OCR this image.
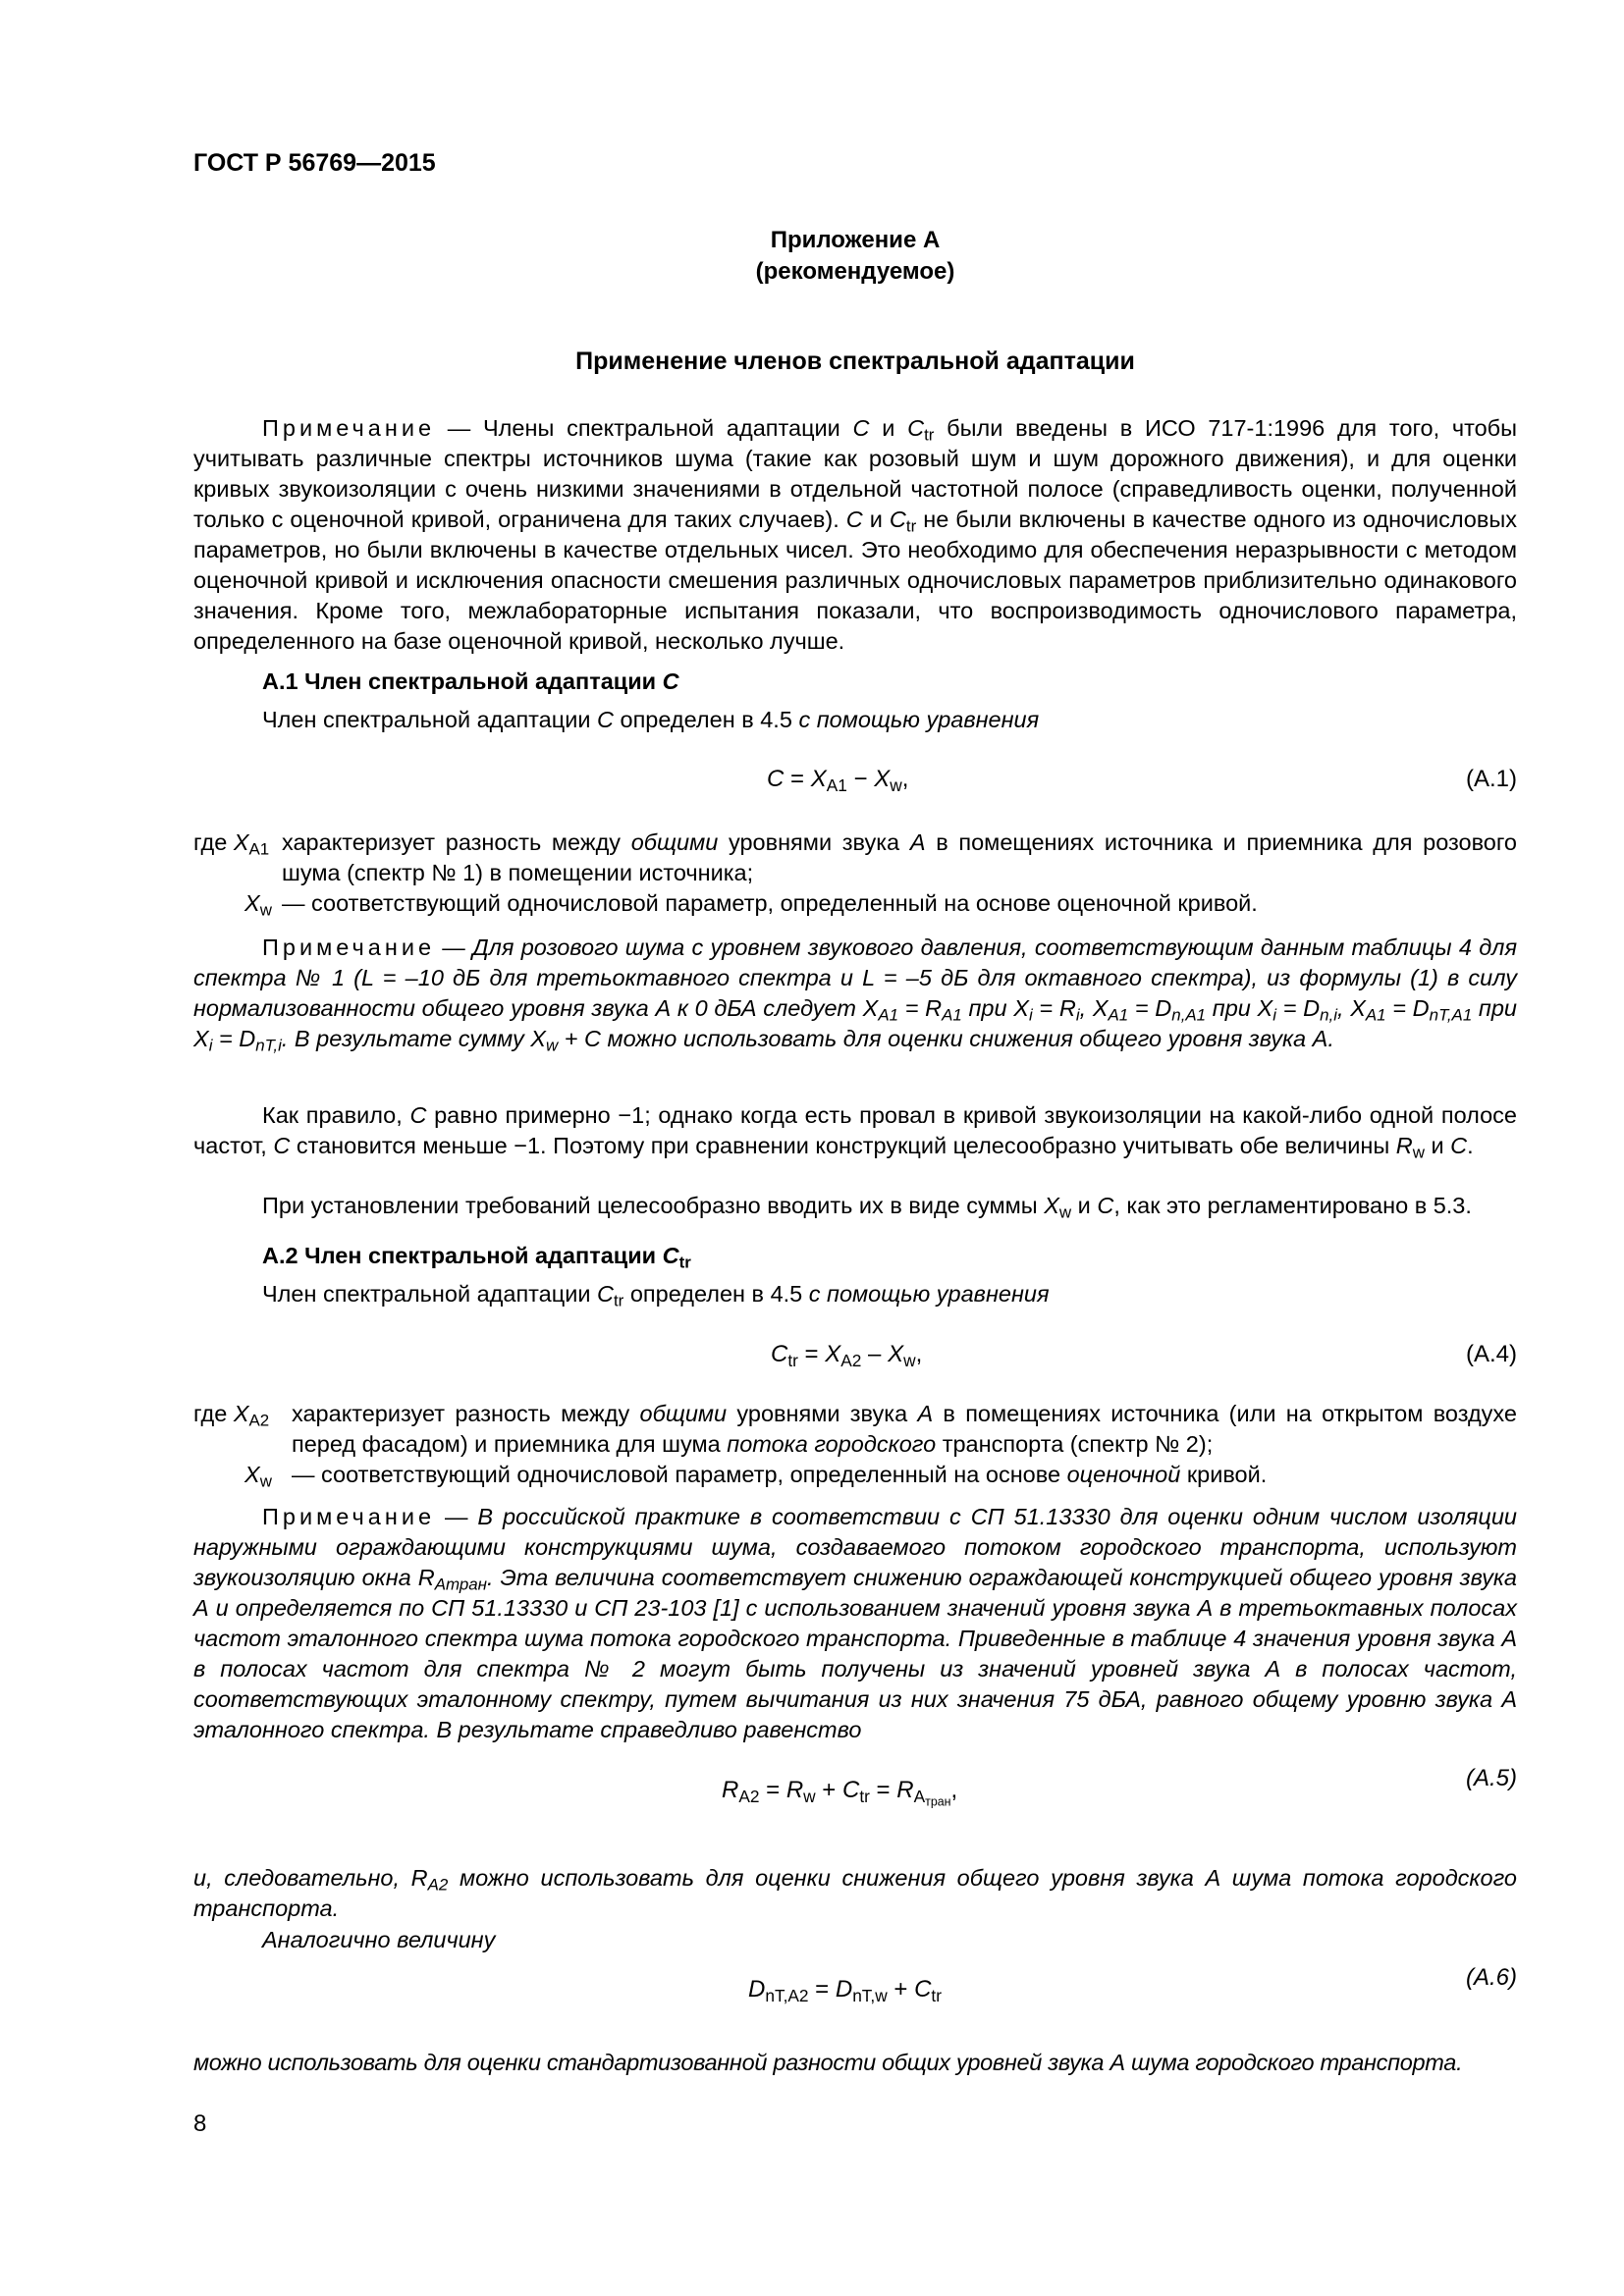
ГОСТ Р 56769—2015
Приложение А
(рекомендуемое)
Применение членов спектральной адаптации
Примечание — Члены спектральной адаптации C и $C_{tr}$ были введены в ИСО 717-1:1996 для того, чтобы учитывать различные спектры источников шума (такие как розовый шум и шум дорожного движения), и для оценки кривых звукоизоляции с очень низкими значениями в отдельной частотной полосе (справедливость оценки, полученной только с оценочной кривой, ограничена для таких случаев). C и $C_{tr}$ не были включены в качестве одного из одночисловых параметров, но были включены в качестве отдельных чисел. Это необходимо для обеспечения неразрывности с методом оценочной кривой и исключения опасности смешения различных одночисловых параметров приблизительно одинакового значения. Кроме того, межлабораторные испытания показали, что воспроизводимость одночислового параметра, определенного на базе оценочной кривой, несколько лучше.
А.1 Член спектральной адаптации C
Член спектральной адаптации C определен в 4.5 с помощью уравнения
$C = X_{A1} - X_w$,	(А.1)
где $X_{A1}$ характеризует разность между общими уровнями звука А в помещениях источника и приемника для розового шума (спектр № 1) в помещении источника;
$X_w$ — соответствующий одночисловой параметр, определенный на основе оценочной кривой.
Примечание — Для розового шума с уровнем звукового давления, соответствующим данным таблицы 4 для спектра № 1 (L = –10 дБ для третьоктавного спектра и L = –5 дБ для октавного спектра), из формулы (1) в силу нормализованности общего уровня звука А к 0 дБА следует $X_{A1} = R_{A1}$ при $X_i = R_i$, $X_{A1} = D_{n,A1}$ при $X_i = D_{n,i}$, $X_{A1} = D_{nT,A1}$ при $X_i = D_{nT,i}$. В результате сумму $X_w + C$ можно использовать для оценки снижения общего уровня звука А.
Как правило, C равно примерно −1; однако когда есть провал в кривой звукоизоляции на какой-либо одной полосе частот, C становится меньше −1. Поэтому при сравнении конструкций целесообразно учитывать обе величины $R_w$ и C.
При установлении требований целесообразно вводить их в виде суммы $X_w$ и C, как это регламентировано в 5.3.
А.2 Член спектральной адаптации $C_{tr}$
Член спектральной адаптации $C_{tr}$ определен в 4.5 с помощью уравнения
$C_{tr} = X_{A2} - X_w$,	(А.4)
где $X_{A2}$ характеризует разность между общими уровнями звука А в помещениях источника (или на открытом воздухе перед фасадом) и приемника для шума потока городского транспорта (спектр № 2);
$X_w$ — соответствующий одночисловой параметр, определенный на основе оценочной кривой.
Примечание — В российской практике в соответствии с СП 51.13330 для оценки одним числом изоляции наружными ограждающими конструкциями шума, создаваемого потоком городского транспорта, используют звукоизоляцию окна $R_{Aтран}$. Эта величина соответствует снижению ограждающей конструкцией общего уровня звука А и определяется по СП 51.13330 и СП 23-103 [1] с использованием значений уровня звука А в третьоктавных полосах частот эталонного спектра шума потока городского транспорта. Приведенные в таблице 4 значения уровня звука А в полосах частот для спектра № 2 могут быть получены из значений уровней звука А в полосах частот, соответствующих эталонному спектру, путем вычитания из них значения 75 дБА, равного общему уровню звука А эталонного спектра. В результате справедливо равенство
$R_{A2} = R_w + C_{tr} = R_{A_{тран}}$,	(А.5)
и, следовательно, $R_{A2}$ можно использовать для оценки снижения общего уровня звука А шума потока городского транспорта.
Аналогично величину
$D_{nT,A2} = D_{nT,w} + C_{tr}$
(А.6)
можно использовать для оценки стандартизованной разности общих уровней звука А шума городского транспорта.
8
